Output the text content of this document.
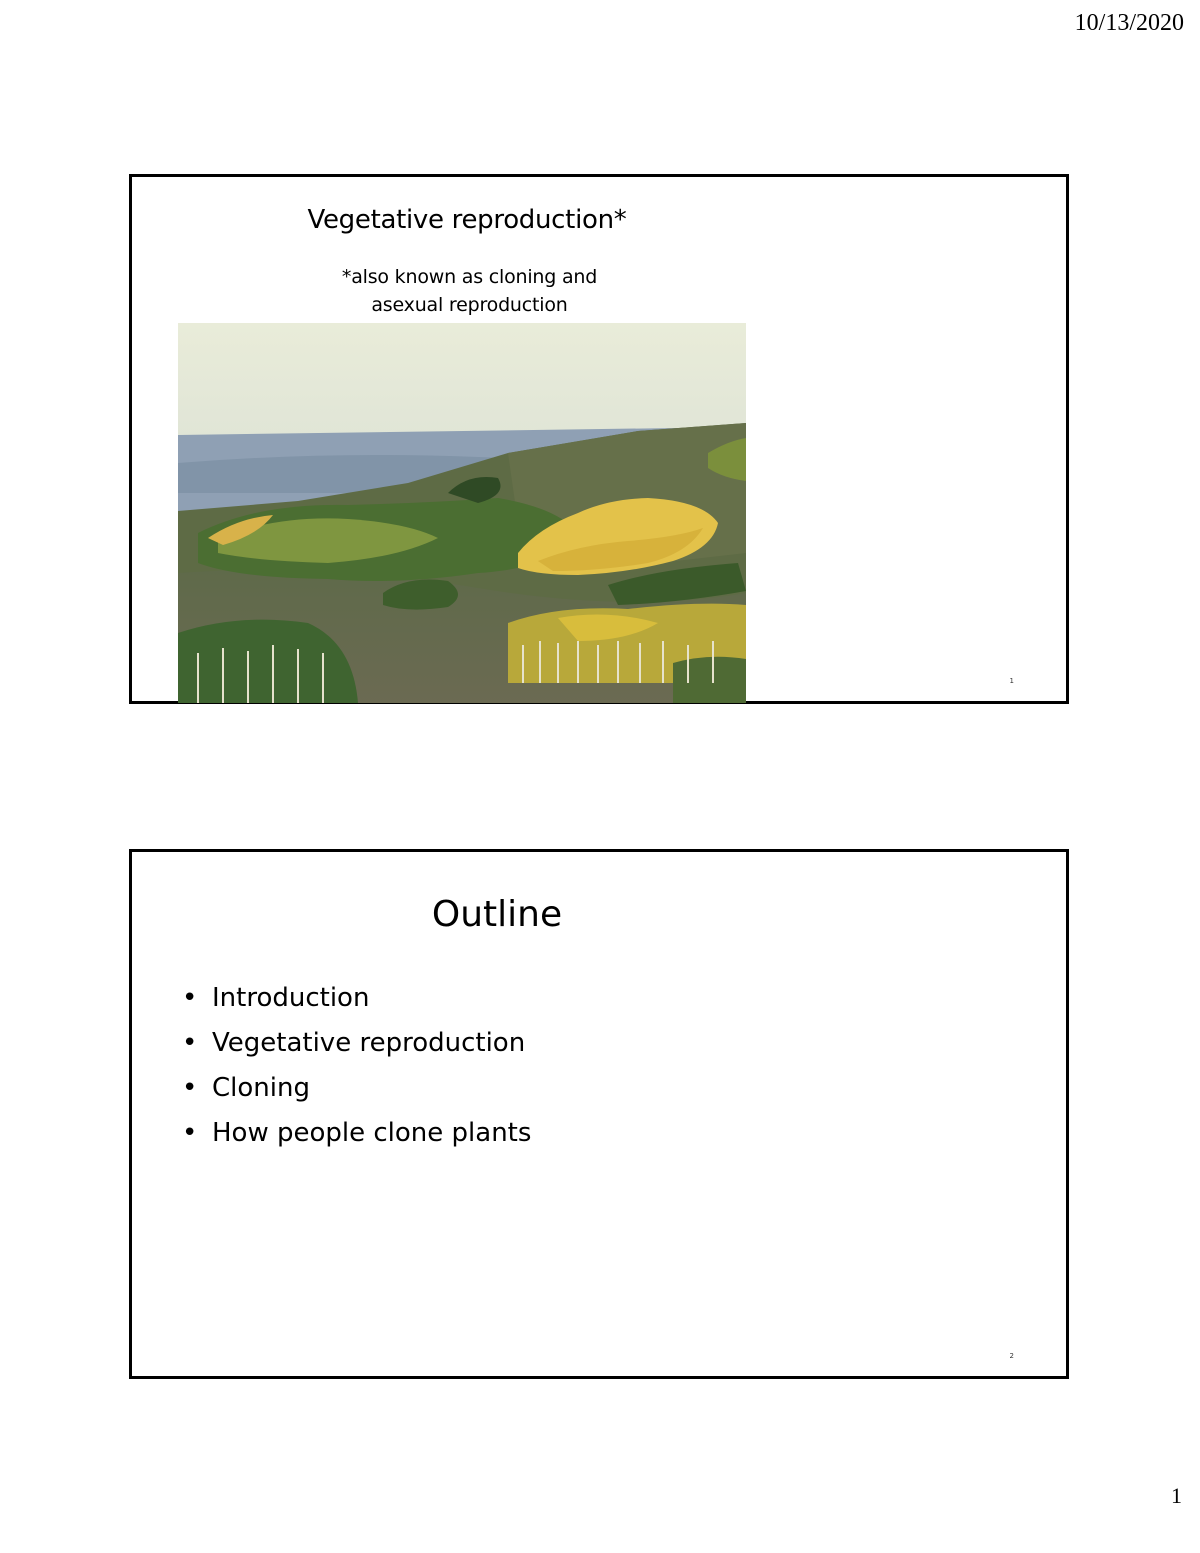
10/13/2020
Vegetative reproduction*
*also known as cloning and
asexual reproduction
1
Outline
• Introduction
• Vegetative reproduction
• Cloning
• How people clone plants
2
1
